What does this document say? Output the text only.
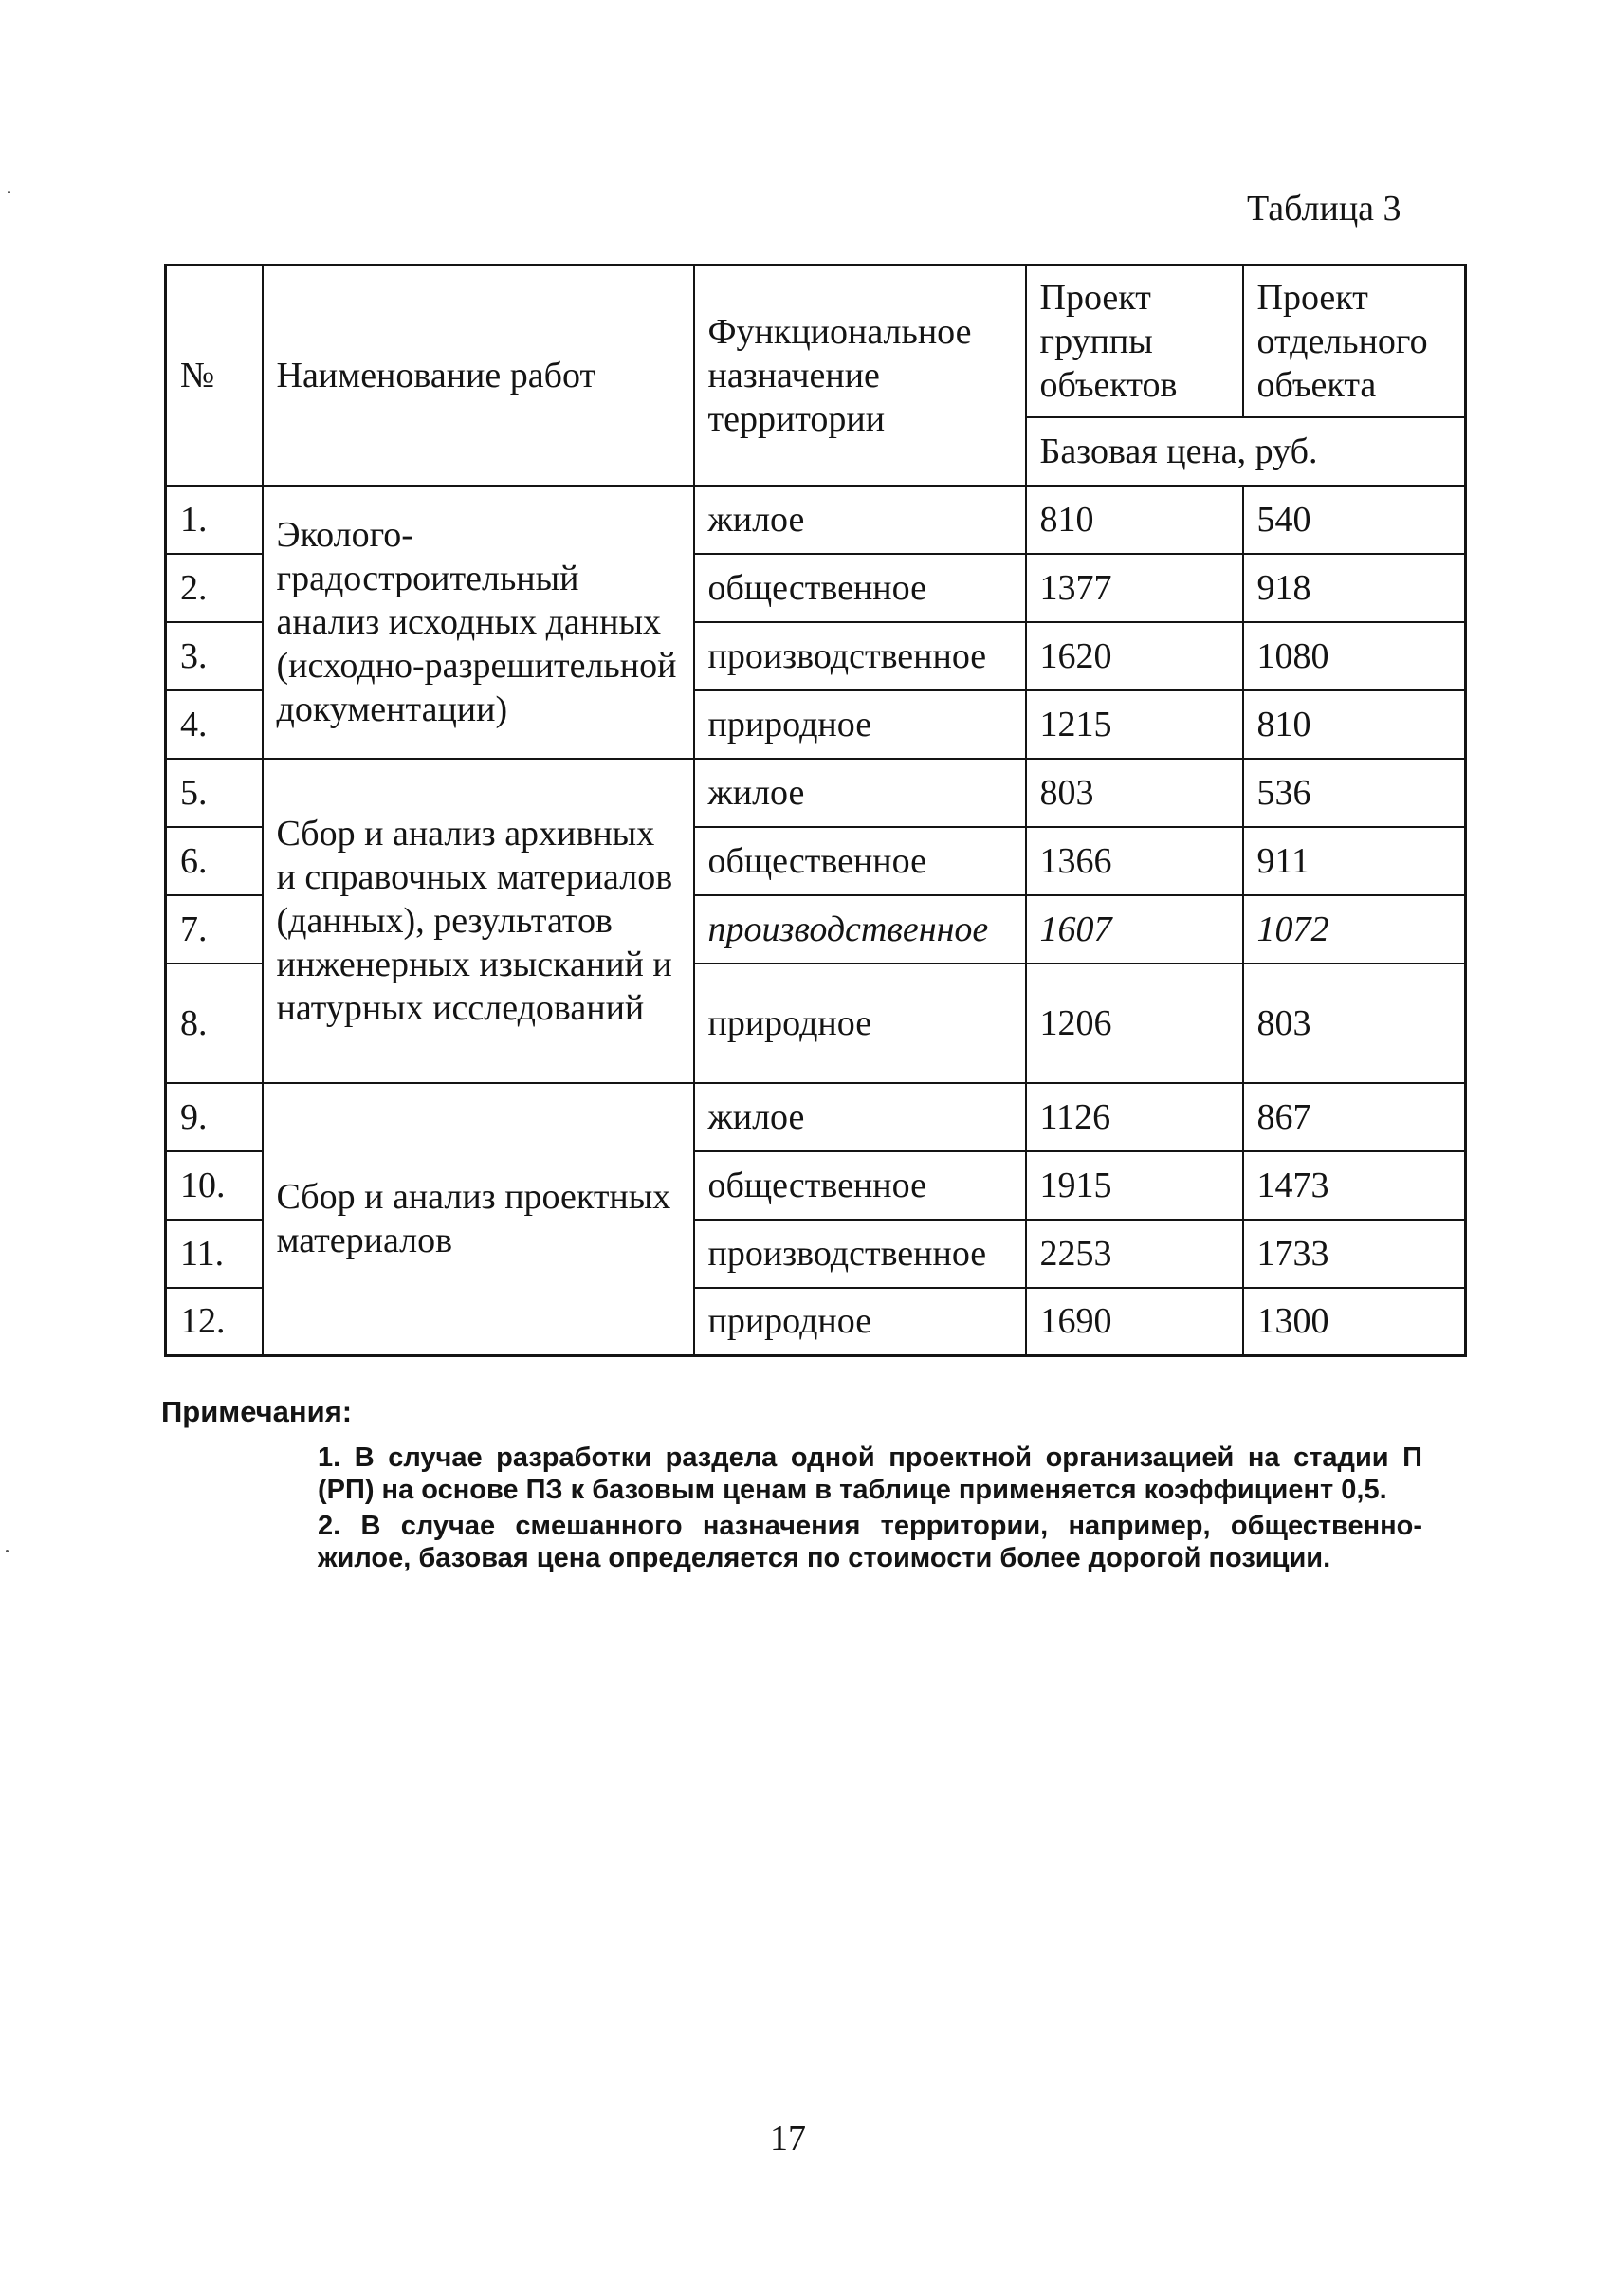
Таблица 3
№	Наименование работ	Функциональное назначение территории	Проект группы объектов	Проект отдельного объекта
			Базовая цена, руб.	
1.	Эколого-градостроительный анализ исходных данных (исходно-разрешительной документации)	жилое	810	540
2.		общественное	1377	918
3.		производственное	1620	1080
4.		природное	1215	810
5.	Сбор и анализ архивных и справочных материалов (данных), результатов инженерных изысканий и натурных исследований	жилое	803	536
6.		общественное	1366	911
7.		производственное	1607	1072
8.		природное	1206	803
9.	Сбор и анализ проектных материалов	жилое	1126	867
10.		общественное	1915	1473
11.		производственное	2253	1733
12.		природное	1690	1300
Примечания:

1. В случае разработки раздела одной проектной организацией на стадии П (РП) на основе ПЗ к базовым ценам в таблице применяется коэффициент 0,5.

2. В случае смешанного назначения территории, например, общественно-жилое, базовая цена определяется по стоимости более дорогой позиции.

17
